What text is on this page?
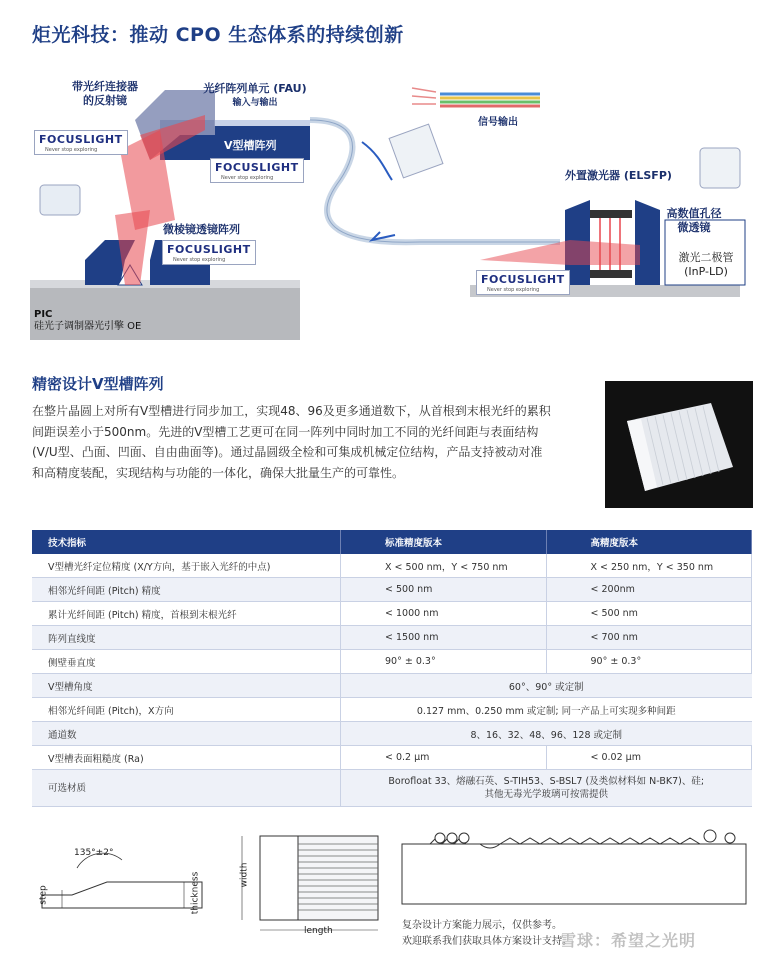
炬光科技：推动 CPO 生态体系的持续创新
带光纤连接器
的反射镜
光纤阵列单元 (FAU)
输入与输出
V型槽阵列
信号输出
微棱镜透镜阵列
外置激光器 (ELSFP)
高数值孔径
微透镜
激光二极管
(InP-LD)
PIC
硅光子调制器光引擎 OE
FOCUSLIGHT
Never stop exploring
FOCUSLIGHT
Never stop exploring
FOCUSLIGHT
Never stop exploring
FOCUSLIGHT
Never stop exploring
精密设计V型槽阵列
在整片晶圆上对所有V型槽进行同步加工，实现48、96及更多通道数下，从首根到末根光纤的累积间距误差小于500nm。先进的V型槽工艺更可在同一阵列中同时加工不同的光纤间距与表面结构(V/U型、凸面、凹面、自由曲面等)。通过晶圆级全检和可集成机械定位结构，产品支持被动对准和高精度装配，实现结构与功能的一体化，确保大批量生产的可靠性。
技术指标	标准精度版本	高精度版本
V型槽光纤定位精度 (X/Y方向，基于嵌入光纤的中点)	X < 500 nm，Y < 750 nm	X < 250 nm，Y < 350 nm
相邻光纤间距 (Pitch) 精度	< 500 nm	< 200nm
累计光纤间距 (Pitch) 精度，首根到末根光纤	< 1000 nm	< 500 nm
阵列直线度	< 1500 nm	< 700 nm
侧壁垂直度	90° ± 0.3°	90° ± 0.3°
V型槽角度	60°、90° 或定制	
相邻光纤间距 (Pitch)，X方向	0.127 mm、0.250 mm 或定制; 同一产品上可实现多种间距	
通道数	8、16、32、48、96、128 或定制	
V型槽表面粗糙度 (Ra)	< 0.2 µm	< 0.02 µm
可选材质	Borofloat 33、熔融石英、S-TIH53、S-BSL7 (及类似材料如 N-BK7)、硅;
其他无毒光学玻璃可按需提供	
135°±2°
step	thickness	width
length	复杂设计方案能力展示，仅供参考。
欢迎联系我们获取具体方案设计支持。
雪球：希望之光明
